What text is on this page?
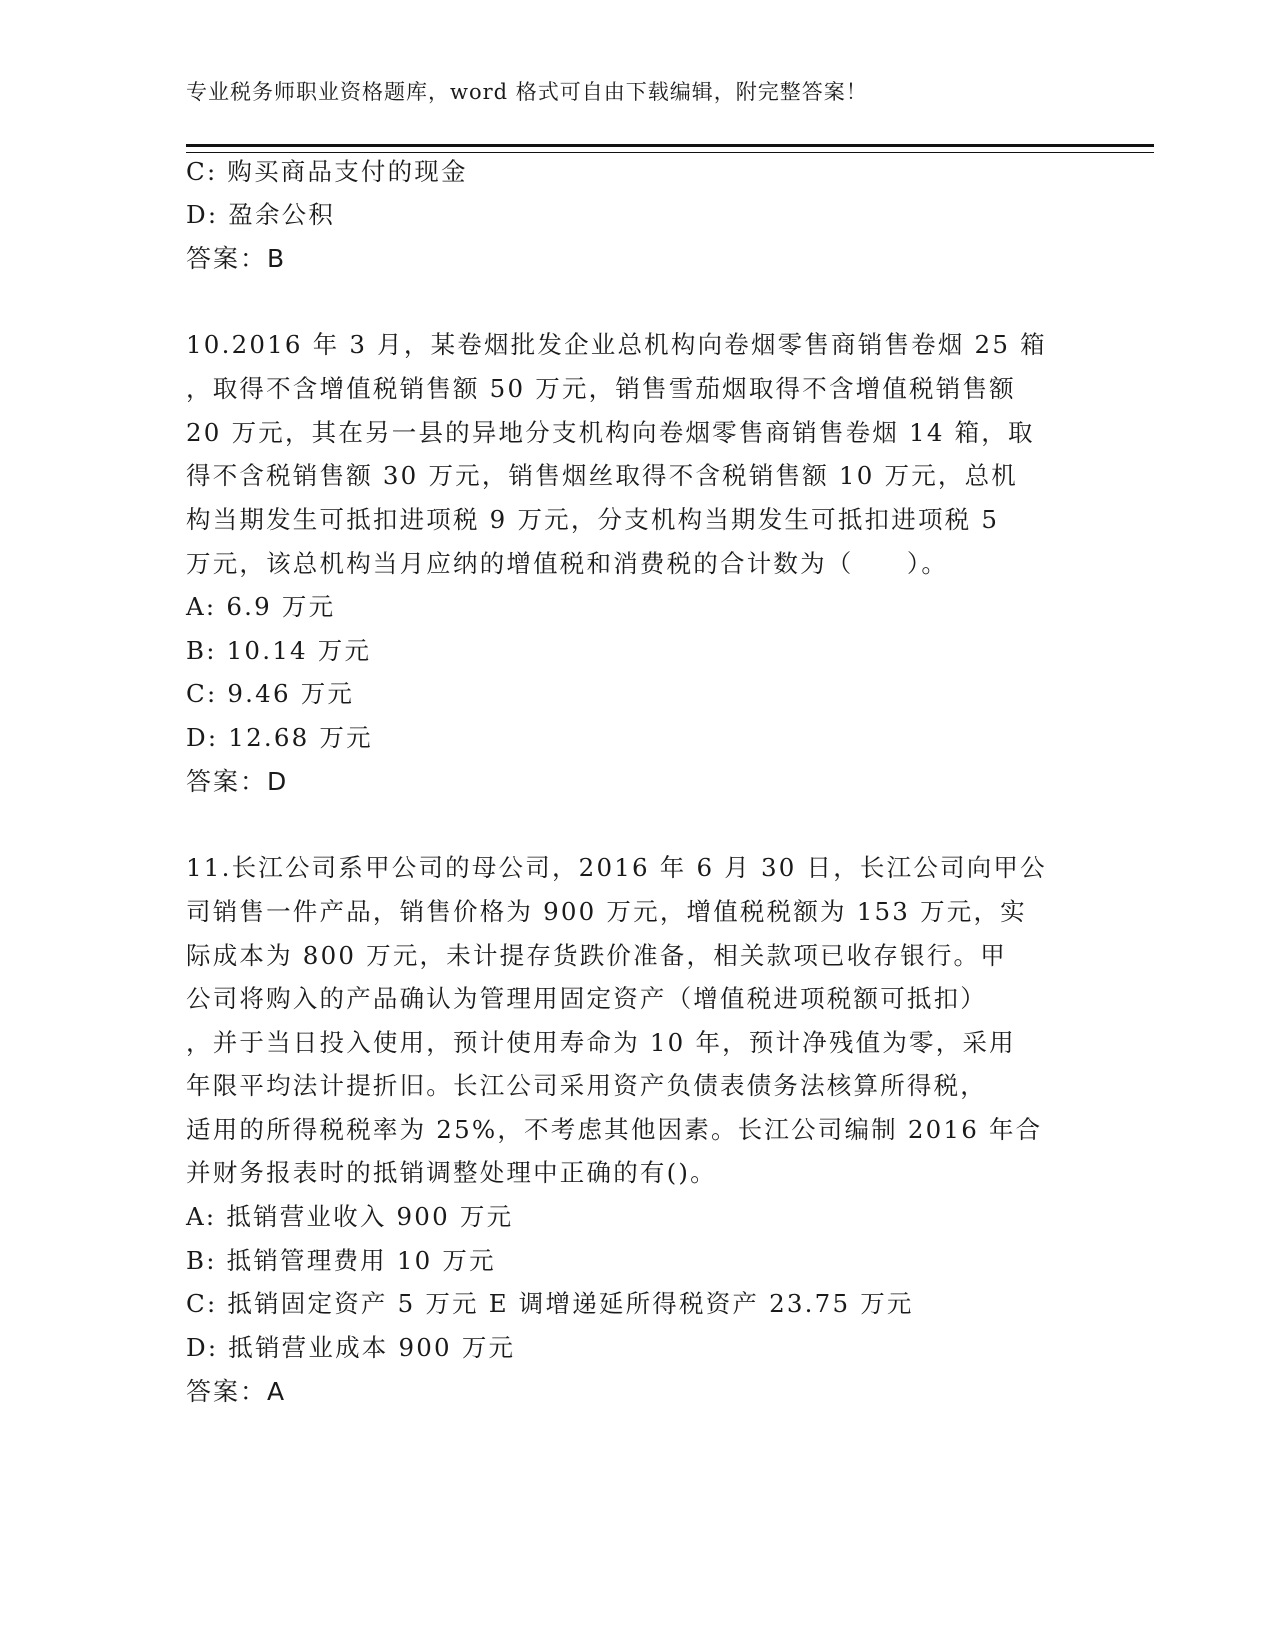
专业税务师职业资格题库，word 格式可自由下载编辑，附完整答案！
C: 购买商品支付的现金
D: 盈余公积
答案：B
10.2016 年 3 月，某卷烟批发企业总机构向卷烟零售商销售卷烟 25 箱
，取得不含增值税销售额 50 万元，销售雪茄烟取得不含增值税销售额
20 万元，其在另一县的异地分支机构向卷烟零售商销售卷烟 14 箱，取
得不含税销售额 30 万元，销售烟丝取得不含税销售额 10 万元，总机
构当期发生可抵扣进项税 9 万元，分支机构当期发生可抵扣进项税 5
万元，该总机构当月应纳的增值税和消费税的合计数为（　　）。
A: 6.9 万元
B: 10.14 万元
C: 9.46 万元
D: 12.68 万元
答案：D
11.长江公司系甲公司的母公司，2016 年 6 月 30 日，长江公司向甲公
司销售一件产品，销售价格为 900 万元，增值税税额为 153 万元，实
际成本为 800 万元，未计提存货跌价准备，相关款项已收存银行。甲
公司将购入的产品确认为管理用固定资产（增值税进项税额可抵扣）
，并于当日投入使用，预计使用寿命为 10 年，预计净残值为零，采用
年限平均法计提折旧。长江公司采用资产负债表债务法核算所得税，
适用的所得税税率为 25%，不考虑其他因素。长江公司编制 2016 年合
并财务报表时的抵销调整处理中正确的有()。
A: 抵销营业收入 900 万元
B: 抵销管理费用 10 万元
C: 抵销固定资产 5 万元 E 调增递延所得税资产 23.75 万元
D: 抵销营业成本 900 万元
答案：A
